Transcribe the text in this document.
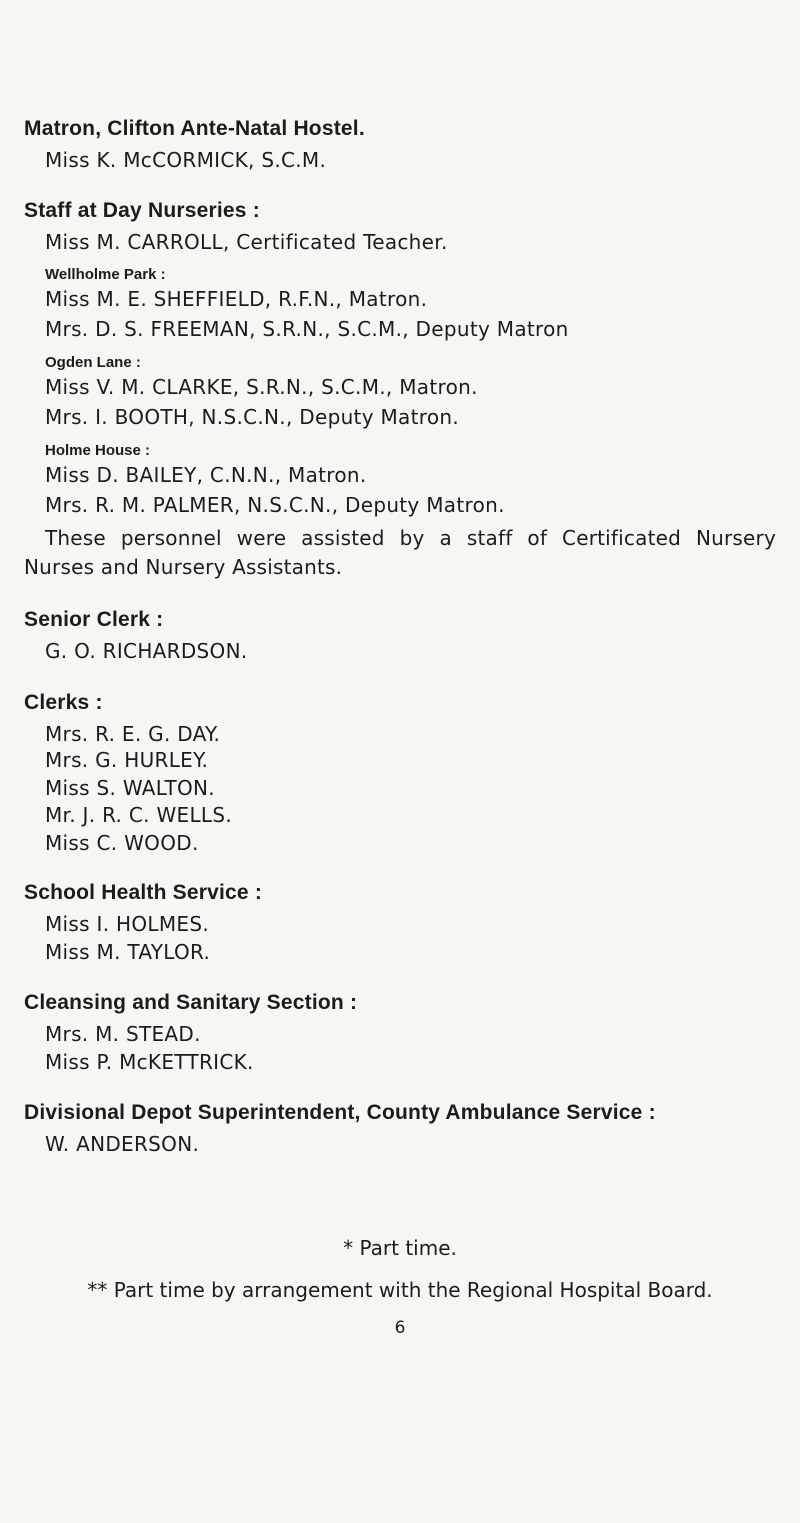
Matron, Clifton Ante-Natal Hostel.
Miss K. McCORMICK, S.C.M.
Staff at Day Nurseries :
Miss M. CARROLL, Certificated Teacher.
Wellholme Park :
Miss M. E. SHEFFIELD, R.F.N., Matron.
Mrs. D. S. FREEMAN, S.R.N., S.C.M., Deputy Matron
Ogden Lane :
Miss V. M. CLARKE, S.R.N., S.C.M., Matron.
Mrs. I. BOOTH, N.S.C.N., Deputy Matron.
Holme House :
Miss D. BAILEY, C.N.N., Matron.
Mrs. R. M. PALMER, N.S.C.N., Deputy Matron.
These personnel were assisted by a staff of Certificated Nursery Nurses and Nursery Assistants.
Senior Clerk :
G. O. RICHARDSON.
Clerks :
Mrs. R. E. G. DAY.
Mrs. G. HURLEY.
Miss S. WALTON.
Mr. J. R. C. WELLS.
Miss C. WOOD.
School Health Service :
Miss I. HOLMES.
Miss M. TAYLOR.
Cleansing and Sanitary Section :
Mrs. M. STEAD.
Miss P. McKETTRICK.
Divisional Depot Superintendent, County Ambulance Service :
W. ANDERSON.
* Part time.
** Part time by arrangement with the Regional Hospital Board.
6
